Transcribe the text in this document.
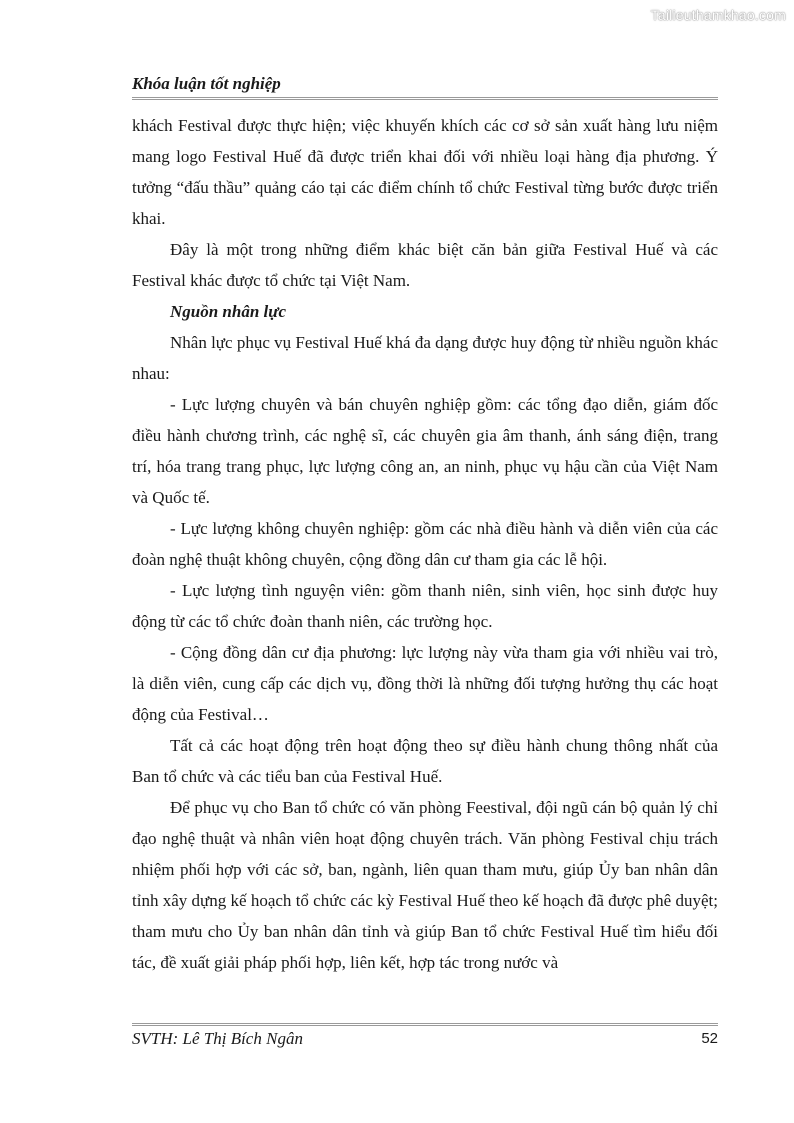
Tailieuthamkhao.com
Khóa luận tốt nghiệp

khách Festival được thực hiện; việc khuyến khích các cơ sở sản xuất hàng lưu niệm mang logo Festival Huế đã được triển khai đối với nhiều loại hàng địa phương. Ý tưởng “đấu thầu” quảng cáo tại các điểm chính tổ chức Festival từng bước được triển khai.

Đây là một trong những điểm khác biệt căn bản giữa Festival Huế và các Festival khác được tổ chức tại Việt Nam.

Nguồn nhân lực

Nhân lực phục vụ Festival Huế khá đa dạng được huy động từ nhiều nguồn khác nhau:

- Lực lượng chuyên và bán chuyên nghiệp gồm: các tổng đạo diễn, giám đốc điều hành chương trình, các nghệ sĩ, các chuyên gia âm thanh, ánh sáng điện, trang trí, hóa trang trang phục, lực lượng công an, an ninh, phục vụ hậu cần của Việt Nam và Quốc tế.

- Lực lượng không chuyên nghiệp: gồm các nhà điều hành và diễn viên của các đoàn nghệ thuật không chuyên, cộng đồng dân cư tham gia các lễ hội.

- Lực lượng tình nguyện viên: gồm thanh niên, sinh viên, học sinh được huy động từ các tổ chức đoàn thanh niên, các trường học.

- Cộng đồng dân cư địa phương: lực lượng này vừa tham gia với nhiều vai trò, là diễn viên, cung cấp các dịch vụ, đồng thời là những đối tượng hưởng thụ các hoạt động của Festival…

Tất cả các hoạt động trên hoạt động theo sự điều hành chung thông nhất của Ban tổ chức và các tiểu ban của Festival Huế.

Để phục vụ cho Ban tổ chức có văn phòng Feestival, đội ngũ cán bộ quản lý chỉ đạo nghệ thuật và nhân viên hoạt động chuyên trách. Văn phòng Festival chịu trách nhiệm phối hợp với các sở, ban, ngành, liên quan tham mưu, giúp Ủy ban nhân dân tỉnh xây dựng kế hoạch tổ chức các kỳ Festival Huế theo kế hoạch đã được phê duyệt; tham mưu cho Ủy ban nhân dân tỉnh và giúp Ban tổ chức Festival Huế tìm hiểu đối tác, đề xuất giải pháp phối hợp, liên kết, hợp tác trong nước và

SVTH: Lê Thị Bích Ngân	52
